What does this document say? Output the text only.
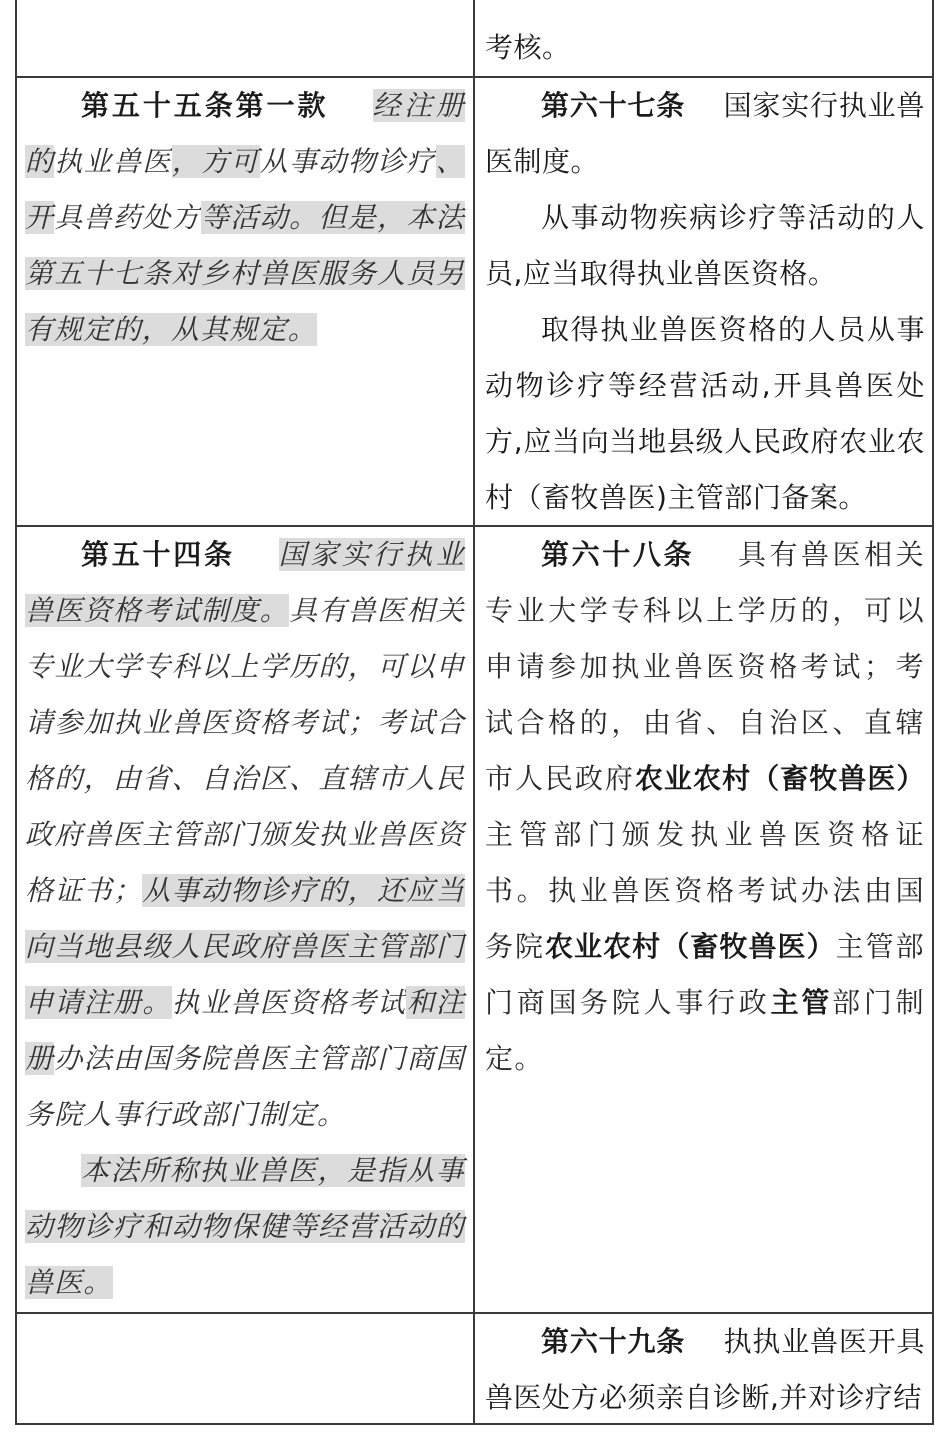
考核。

第五十五条第一款　 经注册的执业兽医，方可从事动物诊疗、开具兽药处方等活动。但是，本法第五十七条对乡村兽医服务人员另有规定的，从其规定。

第六十七条　 国家实行执业兽医制度。

从事动物疾病诊疗等活动的人员,应当取得执业兽医资格。

取得执业兽医资格的人员从事动物诊疗等经营活动,开具兽医处方,应当向当地县级人民政府农业农村（畜牧兽医)主管部门备案。

第五十四条　 国家实行执业兽医资格考试制度。具有兽医相关专业大学专科以上学历的，可以申请参加执业兽医资格考试；考试合格的，由省、自治区、直辖市人民政府兽医主管部门颁发执业兽医资格证书；从事动物诊疗的，还应当向当地县级人民政府兽医主管部门申请注册。执业兽医资格考试和注册办法由国务院兽医主管部门商国务院人事行政部门制定。

本法所称执业兽医，是指从事动物诊疗和动物保健等经营活动的兽医。

第六十八条　 具有兽医相关专业大学专科以上学历的，可以申请参加执业兽医资格考试；考试合格的，由省、自治区、直辖市人民政府农业农村（畜牧兽医）主管部门颁发执业兽医资格证书。执业兽医资格考试办法由国务院农业农村（畜牧兽医）主管部门商国务院人事行政主管部门制定。

第六十九条　 执执业兽医开具兽医处方必须亲自诊断,并对诊疗结
